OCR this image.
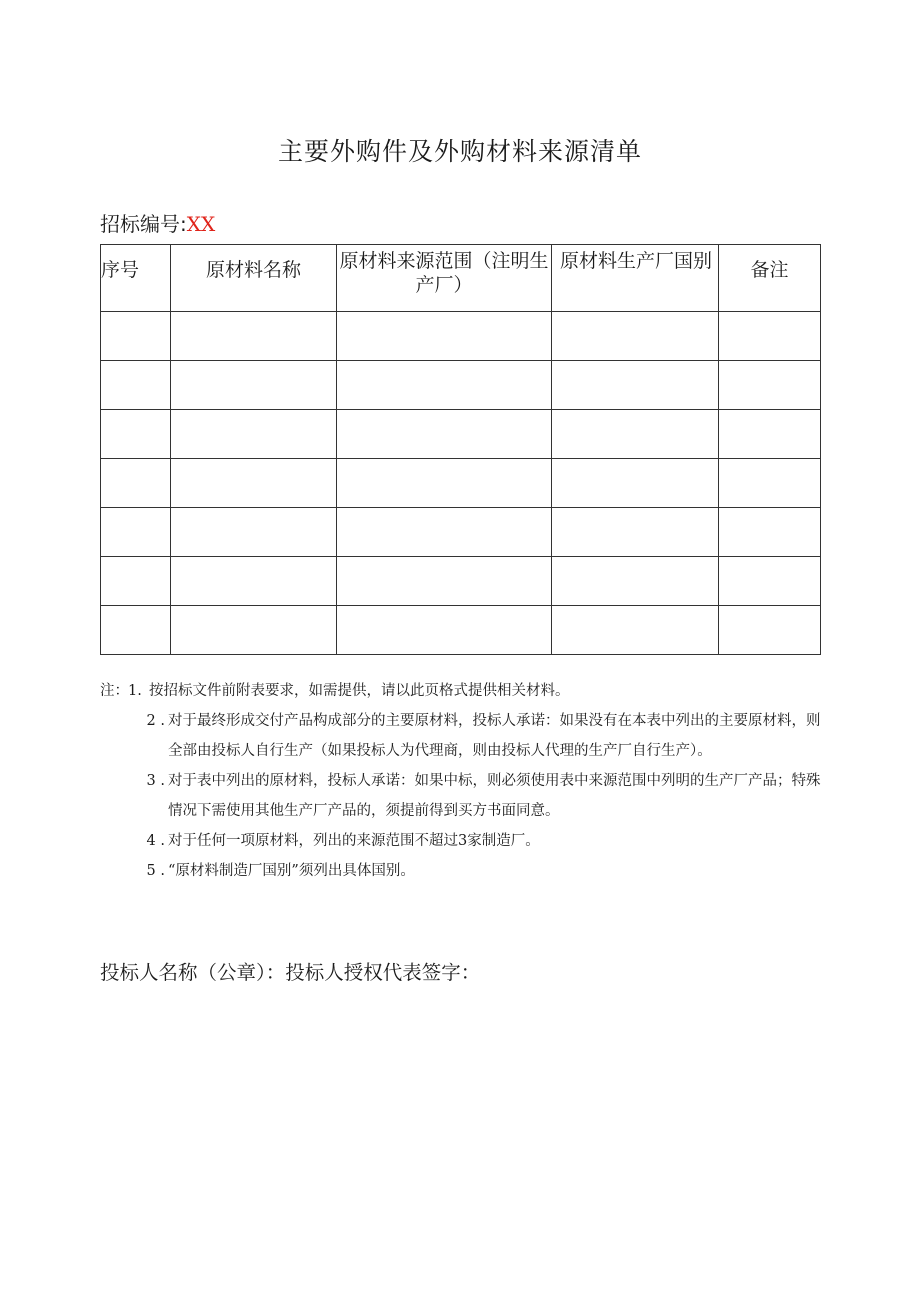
主要外购件及外购材料来源清单
招标编号:XX
序号	原材料名称	原材料来源范围（注明生产厂）	原材料生产厂国别	备注

注： 1. 按招标文件前附表要求，如需提供，请以此页格式提供相关材料。
2 . 对于最终形成交付产品构成部分的主要原材料，投标人承诺：如果没有在本表中列出的主要原材料，则全部由投标人自行生产（如果投标人为代理商，则由投标人代理的生产厂自行生产）。
3 . 对于表中列出的原材料，投标人承诺：如果中标，则必须使用表中来源范围中列明的生产厂产品；特殊情况下需使用其他生产厂产品的，须提前得到买方书面同意。
4 . 对于任何一项原材料，列出的来源范围不超过3家制造厂。
5 . “原材料制造厂国别”须列出具体国别。
投标人名称（公章）：投标人授权代表签字：
